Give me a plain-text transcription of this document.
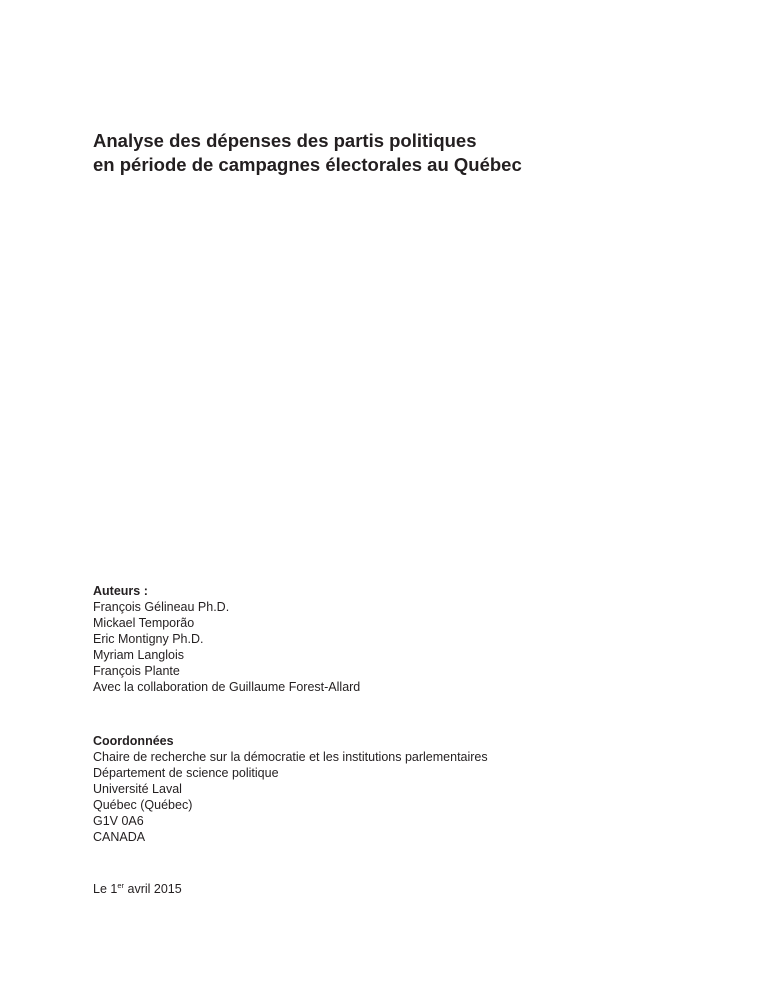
Analyse des dépenses des partis politiques
en période de campagnes électorales au Québec
Auteurs :
François Gélineau Ph.D.
Mickael Temporão
Eric Montigny Ph.D.
Myriam Langlois
François Plante
Avec la collaboration de Guillaume Forest-Allard
Coordonnées
Chaire de recherche sur la démocratie et les institutions parlementaires
Département de science politique
Université Laval
Québec (Québec)
G1V 0A6
CANADA
Le 1er avril 2015
